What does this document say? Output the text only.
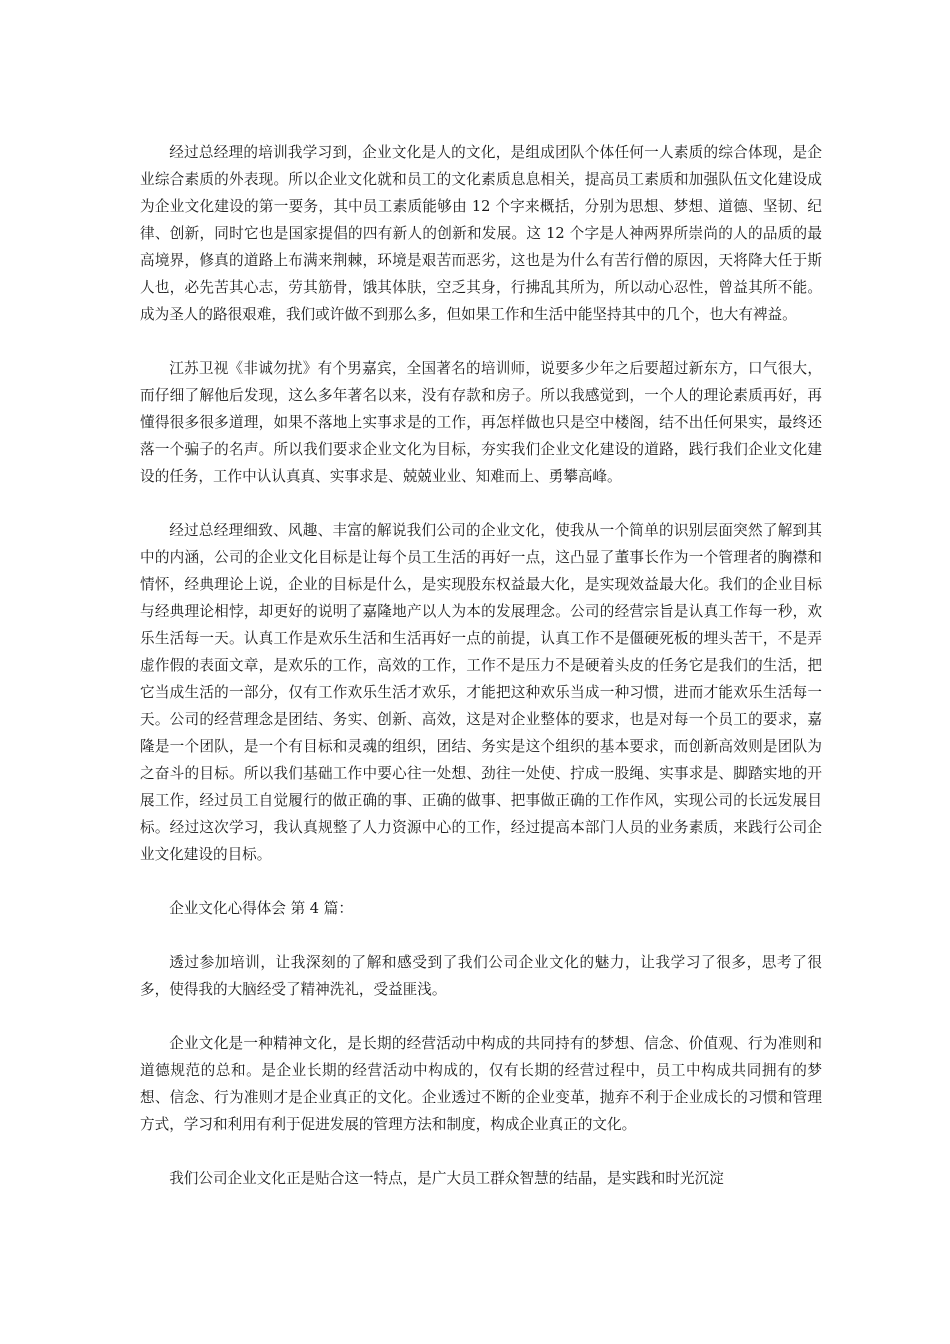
经过总经理的培训我学习到，企业文化是人的文化，是组成团队个体任何一人素质的综合体现，是企业综合素质的外表现。所以企业文化就和员工的文化素质息息相关，提高员工素质和加强队伍文化建设成为企业文化建设的第一要务，其中员工素质能够由 12 个字来概括，分别为思想、梦想、道德、坚韧、纪律、创新，同时它也是国家提倡的四有新人的创新和发展。这 12 个字是人神两界所崇尚的人的品质的最高境界，修真的道路上布满来荆棘，环境是艰苦而恶劣，这也是为什么有苦行僧的原因，天将降大任于斯人也，必先苦其心志，劳其筋骨，饿其体肤，空乏其身，行拂乱其所为，所以动心忍性，曾益其所不能。成为圣人的路很艰难，我们或许做不到那么多，但如果工作和生活中能坚持其中的几个，也大有裨益。

江苏卫视《非诚勿扰》有个男嘉宾，全国著名的培训师，说要多少年之后要超过新东方，口气很大，而仔细了解他后发现，这么多年著名以来，没有存款和房子。所以我感觉到，一个人的理论素质再好，再懂得很多很多道理，如果不落地上实事求是的工作，再怎样做也只是空中楼阁，结不出任何果实，最终还落一个骗子的名声。所以我们要求企业文化为目标，夯实我们企业文化建设的道路，践行我们企业文化建设的任务，工作中认认真真、实事求是、兢兢业业、知难而上、勇攀高峰。

经过总经理细致、风趣、丰富的解说我们公司的企业文化，使我从一个简单的识别层面突然了解到其中的内涵，公司的企业文化目标是让每个员工生活的再好一点，这凸显了董事长作为一个管理者的胸襟和情怀，经典理论上说，企业的目标是什么，是实现股东权益最大化，是实现效益最大化。我们的企业目标与经典理论相悖，却更好的说明了嘉隆地产以人为本的发展理念。公司的经营宗旨是认真工作每一秒，欢乐生活每一天。认真工作是欢乐生活和生活再好一点的前提，认真工作不是僵硬死板的埋头苦干，不是弄虚作假的表面文章，是欢乐的工作，高效的工作，工作不是压力不是硬着头皮的任务它是我们的生活，把它当成生活的一部分，仅有工作欢乐生活才欢乐，才能把这种欢乐当成一种习惯，进而才能欢乐生活每一天。公司的经营理念是团结、务实、创新、高效，这是对企业整体的要求，也是对每一个员工的要求，嘉隆是一个团队，是一个有目标和灵魂的组织，团结、务实是这个组织的基本要求，而创新高效则是团队为之奋斗的目标。所以我们基础工作中要心往一处想、劲往一处使、拧成一股绳、实事求是、脚踏实地的开展工作，经过员工自觉履行的做正确的事、正确的做事、把事做正确的工作作风，实现公司的长远发展目标。经过这次学习，我认真规整了人力资源中心的工作，经过提高本部门人员的业务素质，来践行公司企业文化建设的目标。

企业文化心得体会 第 4 篇：

透过参加培训，让我深刻的了解和感受到了我们公司企业文化的魅力，让我学习了很多，思考了很多，使得我的大脑经受了精神洗礼，受益匪浅。

企业文化是一种精神文化，是长期的经营活动中构成的共同持有的梦想、信念、价值观、行为准则和道德规范的总和。是企业长期的经营活动中构成的，仅有长期的经营过程中，员工中构成共同拥有的梦想、信念、行为准则才是企业真正的文化。企业透过不断的企业变革，抛弃不利于企业成长的习惯和管理方式，学习和利用有利于促进发展的管理方法和制度，构成企业真正的文化。

我们公司企业文化正是贴合这一特点，是广大员工群众智慧的结晶，是实践和时光沉淀
